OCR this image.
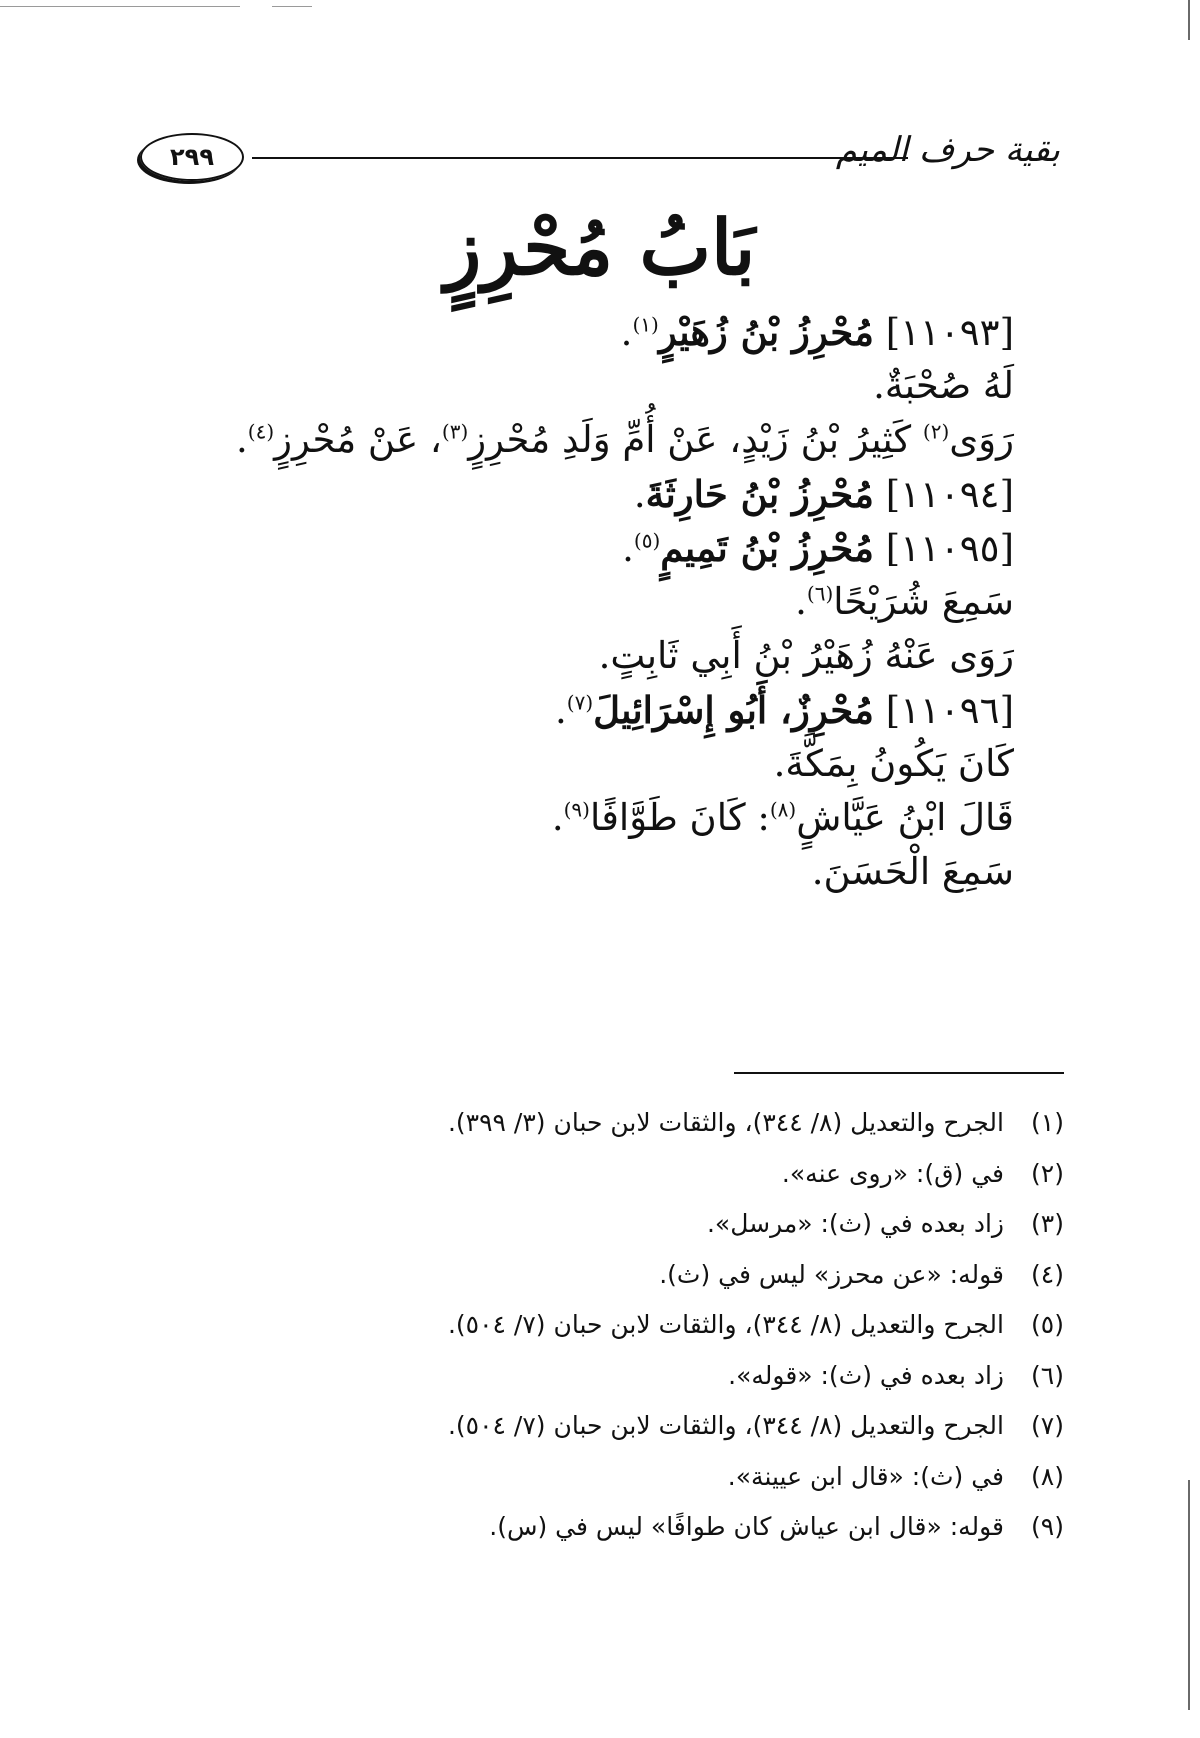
٢٩٩	بقية حرف الميم
بَابُ مُحْرِزٍ
[١١٠٩٣] مُحْرِزُ بْنُ زُهَيْرٍ$^{(١)}$.
لَهُ صُحْبَةٌ.
رَوَى$^{(٢)}$ كَثِيرُ بْنُ زَيْدٍ، عَنْ أُمِّ وَلَدِ مُحْرِزٍ$^{(٣)}$، عَنْ مُحْرِزٍ$^{(٤)}$.
[١١٠٩٤] مُحْرِزُ بْنُ حَارِثَةَ.
[١١٠٩٥] مُحْرِزُ بْنُ تَمِيمٍ$^{(٥)}$.
سَمِعَ شُرَيْحًا$^{(٦)}$.
رَوَى عَنْهُ زُهَيْرُ بْنُ أَبِي ثَابِتٍ.
[١١٠٩٦] مُحْرِزٌ، أَبُو إِسْرَائِيلَ$^{(٧)}$.
كَانَ يَكُونُ بِمَكَّةَ.
قَالَ ابْنُ عَيَّاشٍ$^{(٨)}$: كَانَ طَوَّافًا$^{(٩)}$.
سَمِعَ الْحَسَنَ.
(١)
الجرح والتعديل (٨/ ٣٤٤)، والثقات لابن حبان (٣/ ٣٩٩).
(٢)
في (ق): «روى عنه».
(٣)
زاد بعده في (ث): «مرسل».
(٤)
قوله: «عن محرز» ليس في (ث).
(٥)
الجرح والتعديل (٨/ ٣٤٤)، والثقات لابن حبان (٧/ ٥٠٤).
(٦)
زاد بعده في (ث): «قوله».
(٧)
الجرح والتعديل (٨/ ٣٤٤)، والثقات لابن حبان (٧/ ٥٠٤).
(٨)
في (ث): «قال ابن عيينة».
(٩)
قوله: «قال ابن عياش كان طوافًا» ليس في (س).
